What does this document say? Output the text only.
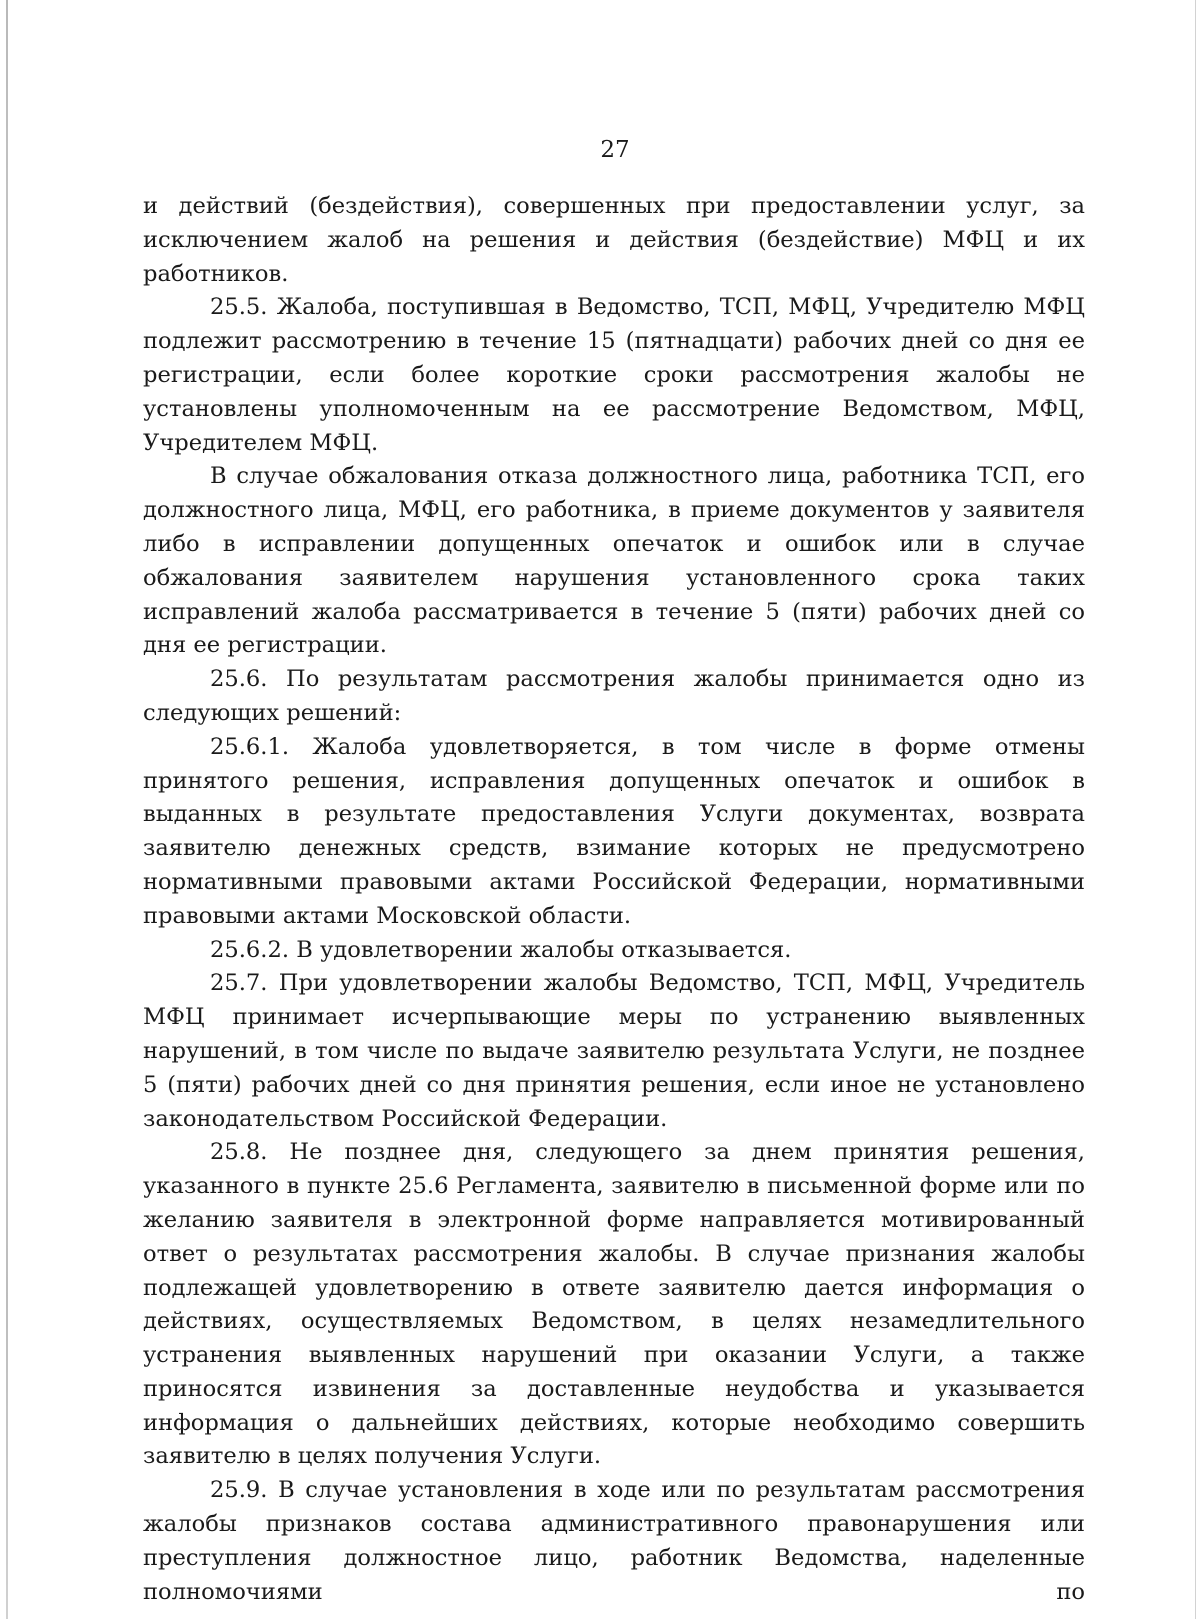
27

и действий (бездействия), совершенных при предоставлении услуг, за исключением жалоб на решения и действия (бездействие) МФЦ и их работников.

25.5. Жалоба, поступившая в Ведомство, ТСП, МФЦ, Учредителю МФЦ подлежит рассмотрению в течение 15 (пятнадцати) рабочих дней со дня ее регистрации, если более короткие сроки рассмотрения жалобы не установлены уполномоченным на ее рассмотрение Ведомством, МФЦ, Учредителем МФЦ.

В случае обжалования отказа должностного лица, работника ТСП, его должностного лица, МФЦ, его работника, в приеме документов у заявителя либо в исправлении допущенных опечаток и ошибок или в случае обжалования заявителем нарушения установленного срока таких исправлений жалоба рассматривается в течение 5 (пяти) рабочих дней со дня ее регистрации.

25.6. По результатам рассмотрения жалобы принимается одно из следующих решений:

25.6.1. Жалоба удовлетворяется, в том числе в форме отмены принятого решения, исправления допущенных опечаток и ошибок в выданных в результате предоставления Услуги документах, возврата заявителю денежных средств, взимание которых не предусмотрено нормативными правовыми актами Российской Федерации, нормативными правовыми актами Московской области.

25.6.2. В удовлетворении жалобы отказывается.

25.7. При удовлетворении жалобы Ведомство, ТСП, МФЦ, Учредитель МФЦ принимает исчерпывающие меры по устранению выявленных нарушений, в том числе по выдаче заявителю результата Услуги, не позднее 5 (пяти) рабочих дней со дня принятия решения, если иное не установлено законодательством Российской Федерации.

25.8. Не позднее дня, следующего за днем принятия решения, указанного в пункте 25.6 Регламента, заявителю в письменной форме или по желанию заявителя в электронной форме направляется мотивированный ответ о результатах рассмотрения жалобы. В случае признания жалобы подлежащей удовлетворению в ответе заявителю дается информация о действиях, осуществляемых Ведомством, в целях незамедлительного устранения выявленных нарушений при оказании Услуги, а также приносятся извинения за доставленные неудобства и указывается информация о дальнейших действиях, которые необходимо совершить заявителю в целях получения Услуги.

25.9. В случае установления в ходе или по результатам рассмотрения жалобы признаков состава административного правонарушения или преступления должностное лицо, работник Ведомства, наделенные полномочиями по
